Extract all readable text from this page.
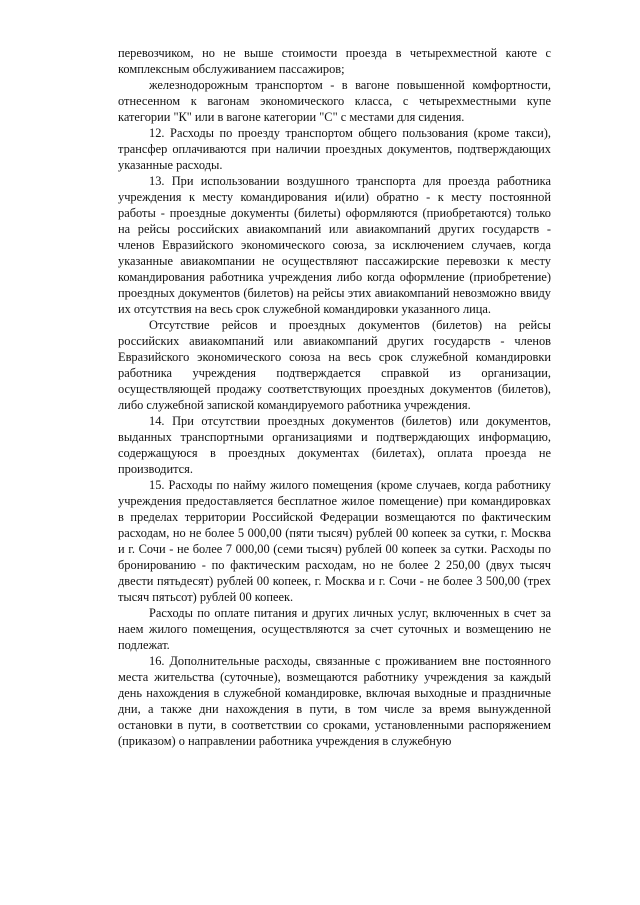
перевозчиком, но не выше стоимости проезда в четырехместной каюте с комплексным обслуживанием пассажиров;

железнодорожным транспортом - в вагоне повышенной комфортности, отнесенном к вагонам экономического класса, с четырехместными купе категории "К" или в вагоне категории "С" с местами для сидения.

12. Расходы по проезду транспортом общего пользования (кроме такси), трансфер оплачиваются при наличии проездных документов, подтверждающих указанные расходы.

13. При использовании воздушного транспорта для проезда работника учреждения к месту командирования и(или) обратно - к месту постоянной работы - проездные документы (билеты) оформляются (приобретаются) только на рейсы российских авиакомпаний или авиакомпаний других государств - членов Евразийского экономического союза, за исключением случаев, когда указанные авиакомпании не осуществляют пассажирские перевозки к месту командирования работника учреждения либо когда оформление (приобретение) проездных документов (билетов) на рейсы этих авиакомпаний невозможно ввиду их отсутствия на весь срок служебной командировки указанного лица.

Отсутствие рейсов и проездных документов (билетов) на рейсы российских авиакомпаний или авиакомпаний других государств - членов Евразийского экономического союза на весь срок служебной командировки работника учреждения подтверждается справкой из организации, осуществляющей продажу соответствующих проездных документов (билетов), либо служебной запиской командируемого работника учреждения.

14. При отсутствии проездных документов (билетов) или документов, выданных транспортными организациями и подтверждающих информацию, содержащуюся в проездных документах (билетах), оплата проезда не производится.

15. Расходы по найму жилого помещения (кроме случаев, когда работнику учреждения предоставляется бесплатное жилое помещение) при командировках в пределах территории Российской Федерации возмещаются по фактическим расходам, но не более 5 000,00 (пяти тысяч) рублей 00 копеек за сутки, г. Москва и г. Сочи - не более 7 000,00 (семи тысяч) рублей 00 копеек за сутки. Расходы по бронированию - по фактическим расходам, но не более 2 250,00 (двух тысяч двести пятьдесят) рублей 00 копеек, г. Москва и г. Сочи - не более 3 500,00 (трех тысяч пятьсот) рублей 00 копеек.

Расходы по оплате питания и других личных услуг, включенных в счет за наем жилого помещения, осуществляются за счет суточных и возмещению не подлежат.

16. Дополнительные расходы, связанные с проживанием вне постоянного места жительства (суточные), возмещаются работнику учреждения за каждый день нахождения в служебной командировке, включая выходные и праздничные дни, а также дни нахождения в пути, в том числе за время вынужденной остановки в пути, в соответствии со сроками, установленными распоряжением (приказом) о направлении работника учреждения в служебную
